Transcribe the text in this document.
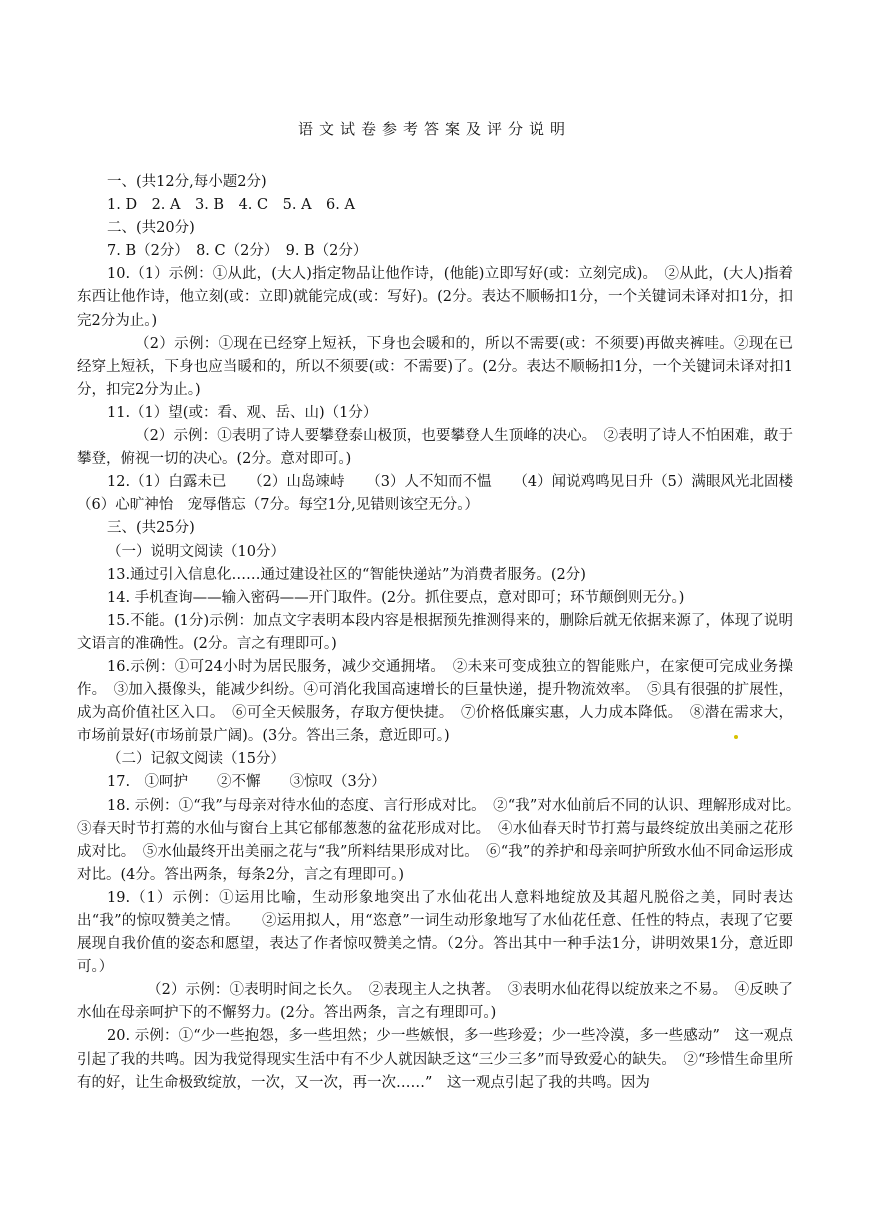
语文试卷参考答案及评分说明

一、(共12分,每小题2分)

1. D　2. A　3. B　4. C　5. A　6. A

二、(共20分)

7. B（2分）　8. C（2分）　9. B（2分）

10.（1）示例：①从此，(大人)指定物品让他作诗，(他能)立即写好(或：立刻完成)。　②从此，(大人)指着东西让他作诗，他立刻(或：立即)就能完成(或：写好)。(2分。表达不顺畅扣1分，一个关键词未译对扣1分，扣完2分为止。)

（2）示例：①现在已经穿上短袄，下身也会暖和的，所以不需要(或：不须要)再做夹裤哇。②现在已经穿上短袄，下身也应当暖和的，所以不须要(或：不需要)了。(2分。表达不顺畅扣1分，一个关键词未译对扣1分，扣完2分为止。)

11.（1）望(或：看、观、岳、山)（1分）

（2）示例：①表明了诗人要攀登泰山极顶，也要攀登人生顶峰的决心。　②表明了诗人不怕困难，敢于攀登，俯视一切的决心。(2分。意对即可。)

12.（1）白露未已　　（2）山岛竦峙　　（3）人不知而不愠　　（4）闻说鸡鸣见日升（5）满眼风光北固楼　（6）心旷神怡　宠辱偕忘（7分。每空1分,见错则该空无分。）

三、(共25分)

（一）说明文阅读（10分）

13.通过引入信息化……通过建设社区的“智能快递站”为消费者服务。(2分)

14. 手机查询——输入密码——开门取件。(2分。抓住要点，意对即可；环节颠倒则无分。)

15.不能。(1分)示例：加点文字表明本段内容是根据预先推测得来的，删除后就无依据来源了，体现了说明文语言的准确性。(2分。言之有理即可。)

16.示例：①可24小时为居民服务，减少交通拥堵。　②未来可变成独立的智能账户，在家便可完成业务操作。　③加入摄像头，能减少纠纷。④可消化我国高速增长的巨量快递，提升物流效率。　⑤具有很强的扩展性，成为高价值社区入口。　⑥可全天候服务，存取方便快捷。　⑦价格低廉实惠，人力成本降低。　⑧潜在需求大，市场前景好(市场前景广阔)。(3分。答出三条，意近即可。)

（二）记叙文阅读（15分）

17.　①呵护　　②不懈　　③惊叹（3分）

18. 示例：①“我”与母亲对待水仙的态度、言行形成对比。　②“我”对水仙前后不同的认识、理解形成对比。　③春天时节打蔫的水仙与窗台上其它郁郁葱葱的盆花形成对比。　④水仙春天时节打蔫与最终绽放出美丽之花形成对比。　⑤水仙最终开出美丽之花与“我”所料结果形成对比。　⑥“我”的养护和母亲呵护所致水仙不同命运形成对比。(4分。答出两条，每条2分，言之有理即可。)

19.（1）示例：①运用比喻，生动形象地突出了水仙花出人意料地绽放及其超凡脱俗之美，同时表达出“我”的惊叹赞美之情。　　②运用拟人，用“恣意”一词生动形象地写了水仙花任意、任性的特点，表现了它要展现自我价值的姿态和愿望，表达了作者惊叹赞美之情。（2分。答出其中一种手法1分，讲明效果1分，意近即可。）

（2）示例：①表明时间之长久。　②表现主人之执著。　③表明水仙花得以绽放来之不易。　④反映了水仙在母亲呵护下的不懈努力。(2分。答出两条，言之有理即可。)

20. 示例：①“少一些抱怨，多一些坦然；少一些嫉恨，多一些珍爱；少一些冷漠，多一些感动”　这一观点引起了我的共鸣。因为我觉得现实生活中有不少人就因缺乏这“三少三多”而导致爱心的缺失。　②“珍惜生命里所有的好，让生命极致绽放，一次，又一次，再一次……”　这一观点引起了我的共鸣。因为
